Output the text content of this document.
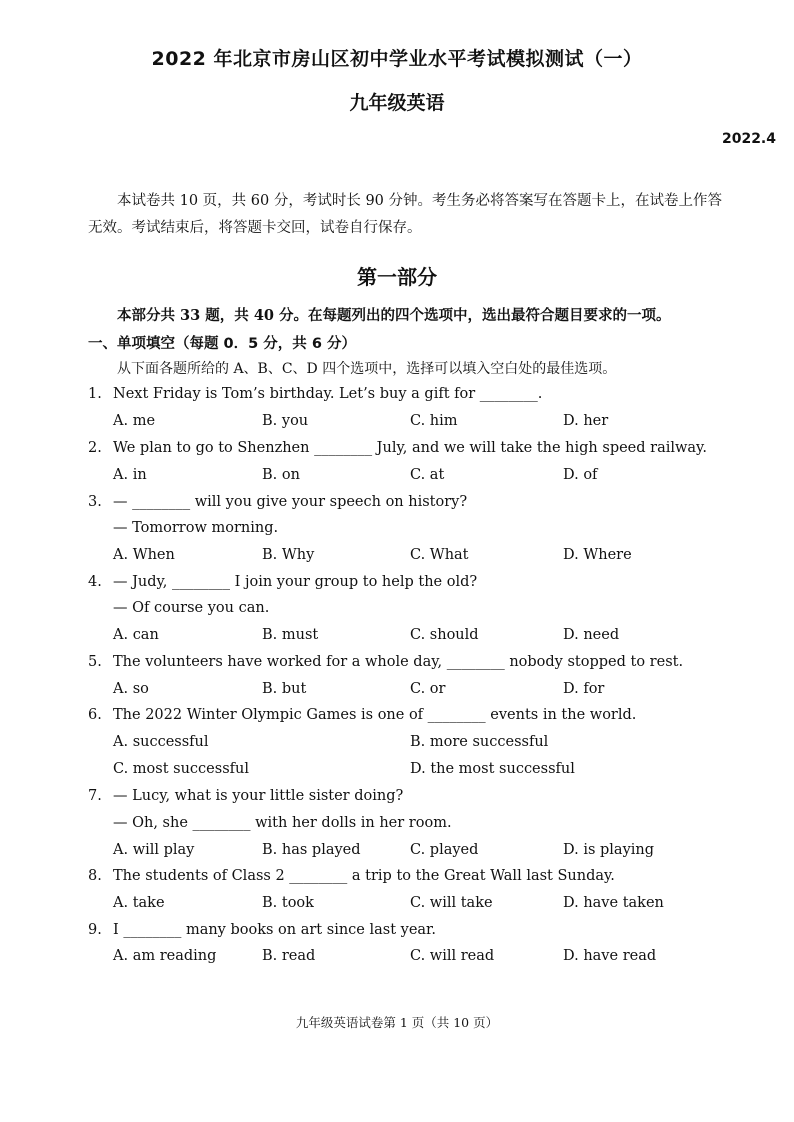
2022 年北京市房山区初中学业水平考试模拟测试（一）
九年级英语
2022.4
本试卷共 10 页，共 60 分，考试时长 90 分钟。考生务必将答案写在答题卡上，在试卷上作答无效。考试结束后，将答题卡交回，试卷自行保存。
第一部分
本部分共 33 题，共 40 分。在每题列出的四个选项中，选出最符合题目要求的一项。
一、单项填空（每题 0．5 分，共 6 分）
从下面各题所给的 A、B、C、D 四个选项中，选择可以填入空白处的最佳选项。
1. Next Friday is Tom’s birthday. Let’s buy a gift for ________.
A. me	B. you	C. him	D. her
2. We plan to go to Shenzhen ________ July, and we will take the high speed railway.
A. in	B. on	C. at	D. of
3. — ________ will you give your speech on history?
— Tomorrow morning.
A. When	B. Why	C. What	D. Where
4. — Judy, ________ I join your group to help the old?
— Of course you can.
A. can	B. must	C. should	D. need
5. The volunteers have worked for a whole day, ________ nobody stopped to rest.
A. so	B. but	C. or	D. for
6. The 2022 Winter Olympic Games is one of ________ events in the world.
A. successful	B. more successful
C. most successful	D. the most successful
7. — Lucy, what is your little sister doing?
— Oh, she ________ with her dolls in her room.
A. will play	B. has played	C. played	D. is playing
8. The students of Class 2 ________ a trip to the Great Wall last Sunday.
A. take	B. took	C. will take	D. have taken
9. I ________ many books on art since last year.
A. am reading	B. read	C. will read	D. have read
九年级英语试卷第 1 页（共 10 页）
